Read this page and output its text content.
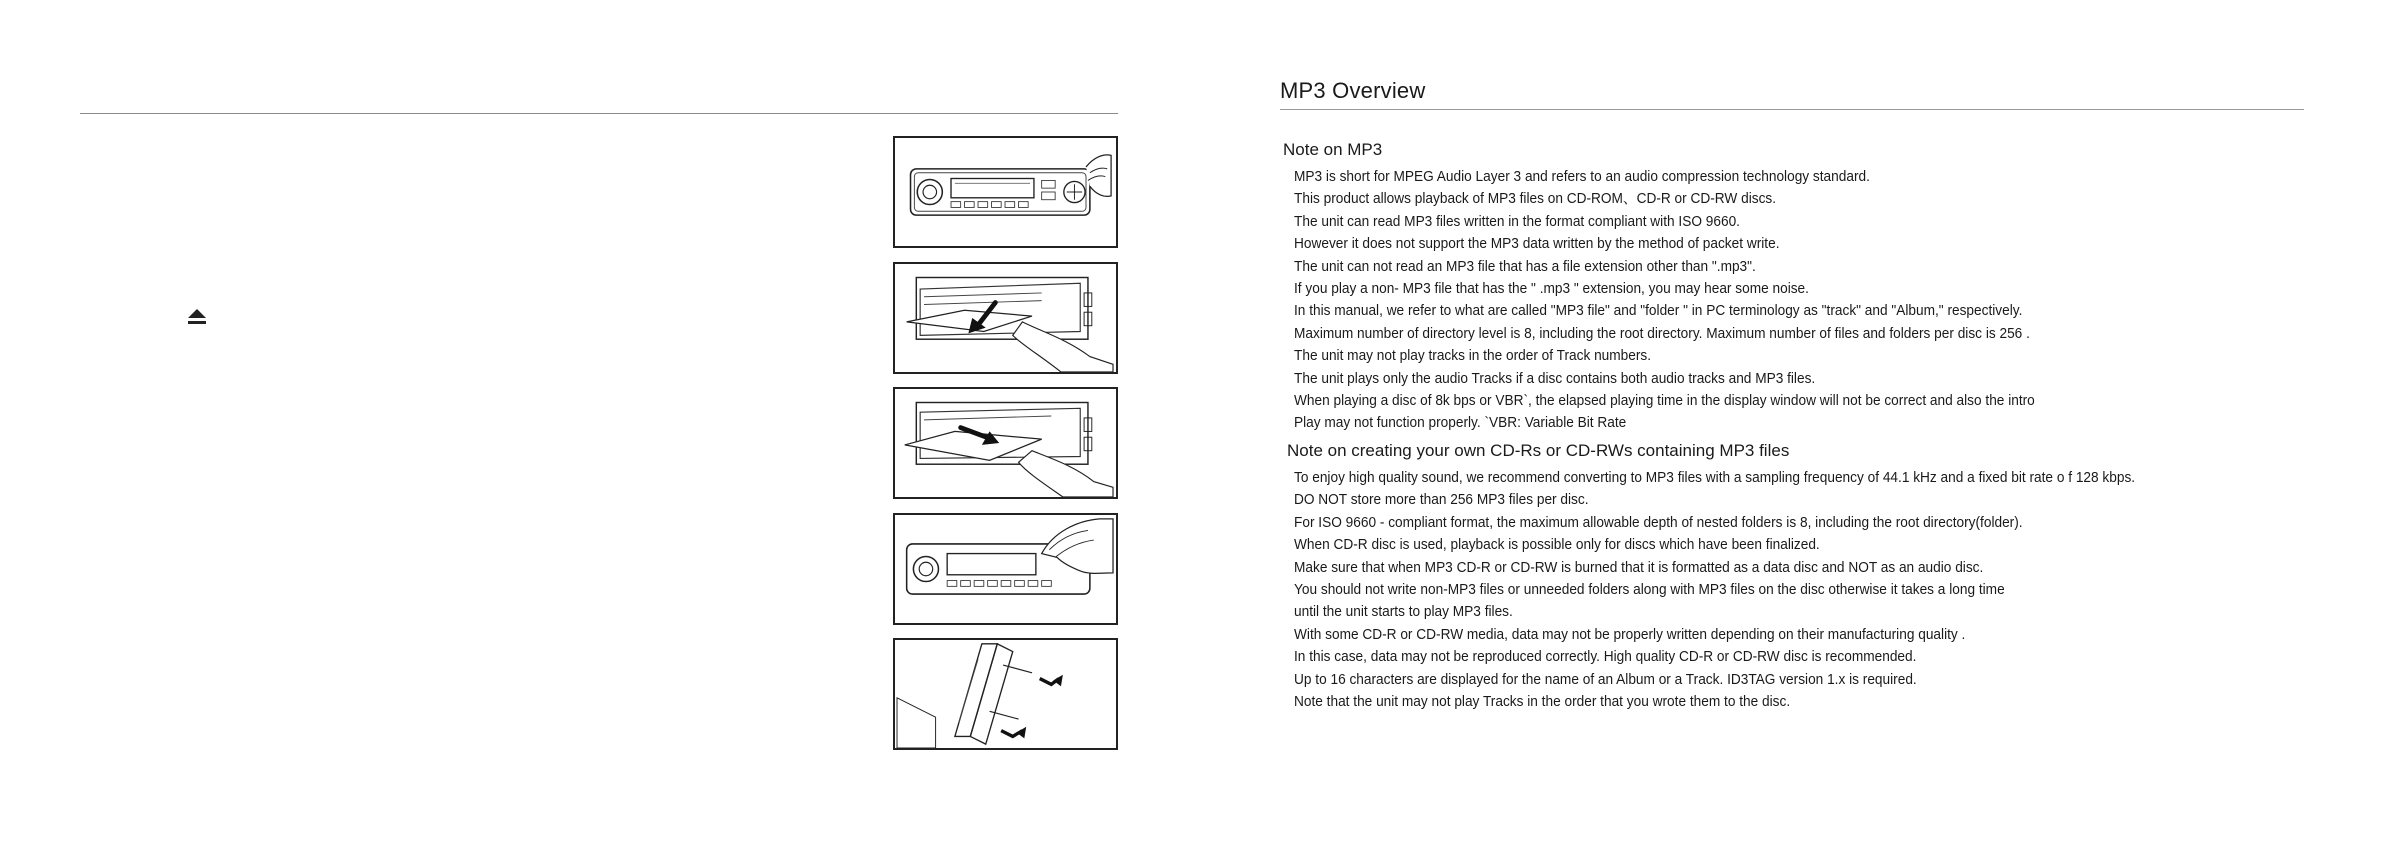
MP3 Overview
Note on MP3
MP3 is short for MPEG Audio Layer 3 and refers to an audio compression technology standard.
This product allows playback of MP3 files on CD-ROM、CD-R or CD-RW discs.
The unit can read MP3 files written in the format compliant with ISO 9660.
However it does not support the MP3 data written by the method of packet write.
The unit can not read an MP3 file that has a file extension other than ".mp3".
If you play a non- MP3 file that has the " .mp3 " extension, you may hear some noise.
In this manual, we refer to what are called "MP3 file" and "folder " in PC terminology as "track" and "Album," respectively.
Maximum number of directory level is 8, including the root directory. Maximum number of files and folders per disc is 256 .
The unit may not play tracks in the order of Track numbers.
The unit plays only the audio Tracks if a disc contains both audio tracks and MP3 files.
When playing a disc of 8k bps or VBR`, the elapsed playing time in the display window will not be correct and also the intro
Play may not function properly. `VBR: Variable Bit Rate
Note on creating your own CD-Rs or CD-RWs containing MP3 files
To enjoy high quality sound, we recommend converting to MP3 files with a sampling frequency of 44.1 kHz and a fixed bit rate o f 128 kbps.
DO NOT store more than 256 MP3 files per disc.
For ISO 9660 - compliant format, the maximum allowable depth of nested folders is 8, including the root directory(folder).
When CD-R disc is used, playback is possible only for discs which have been finalized.
Make sure that when MP3 CD-R or CD-RW is burned that it is formatted as a data disc and NOT as an audio disc.
You should not write non-MP3 files or unneeded folders along with MP3 files on the disc otherwise it takes a long time
until the unit starts to play MP3 files.
With some CD-R or CD-RW media, data may not be properly written depending on their manufacturing quality .
In this case, data may not be reproduced correctly. High quality CD-R or CD-RW disc is recommended.
Up to 16 characters are displayed for the name of an Album or a Track. ID3TAG version 1.x is required.
Note that the unit may not play Tracks in the order that you wrote them to the disc.
